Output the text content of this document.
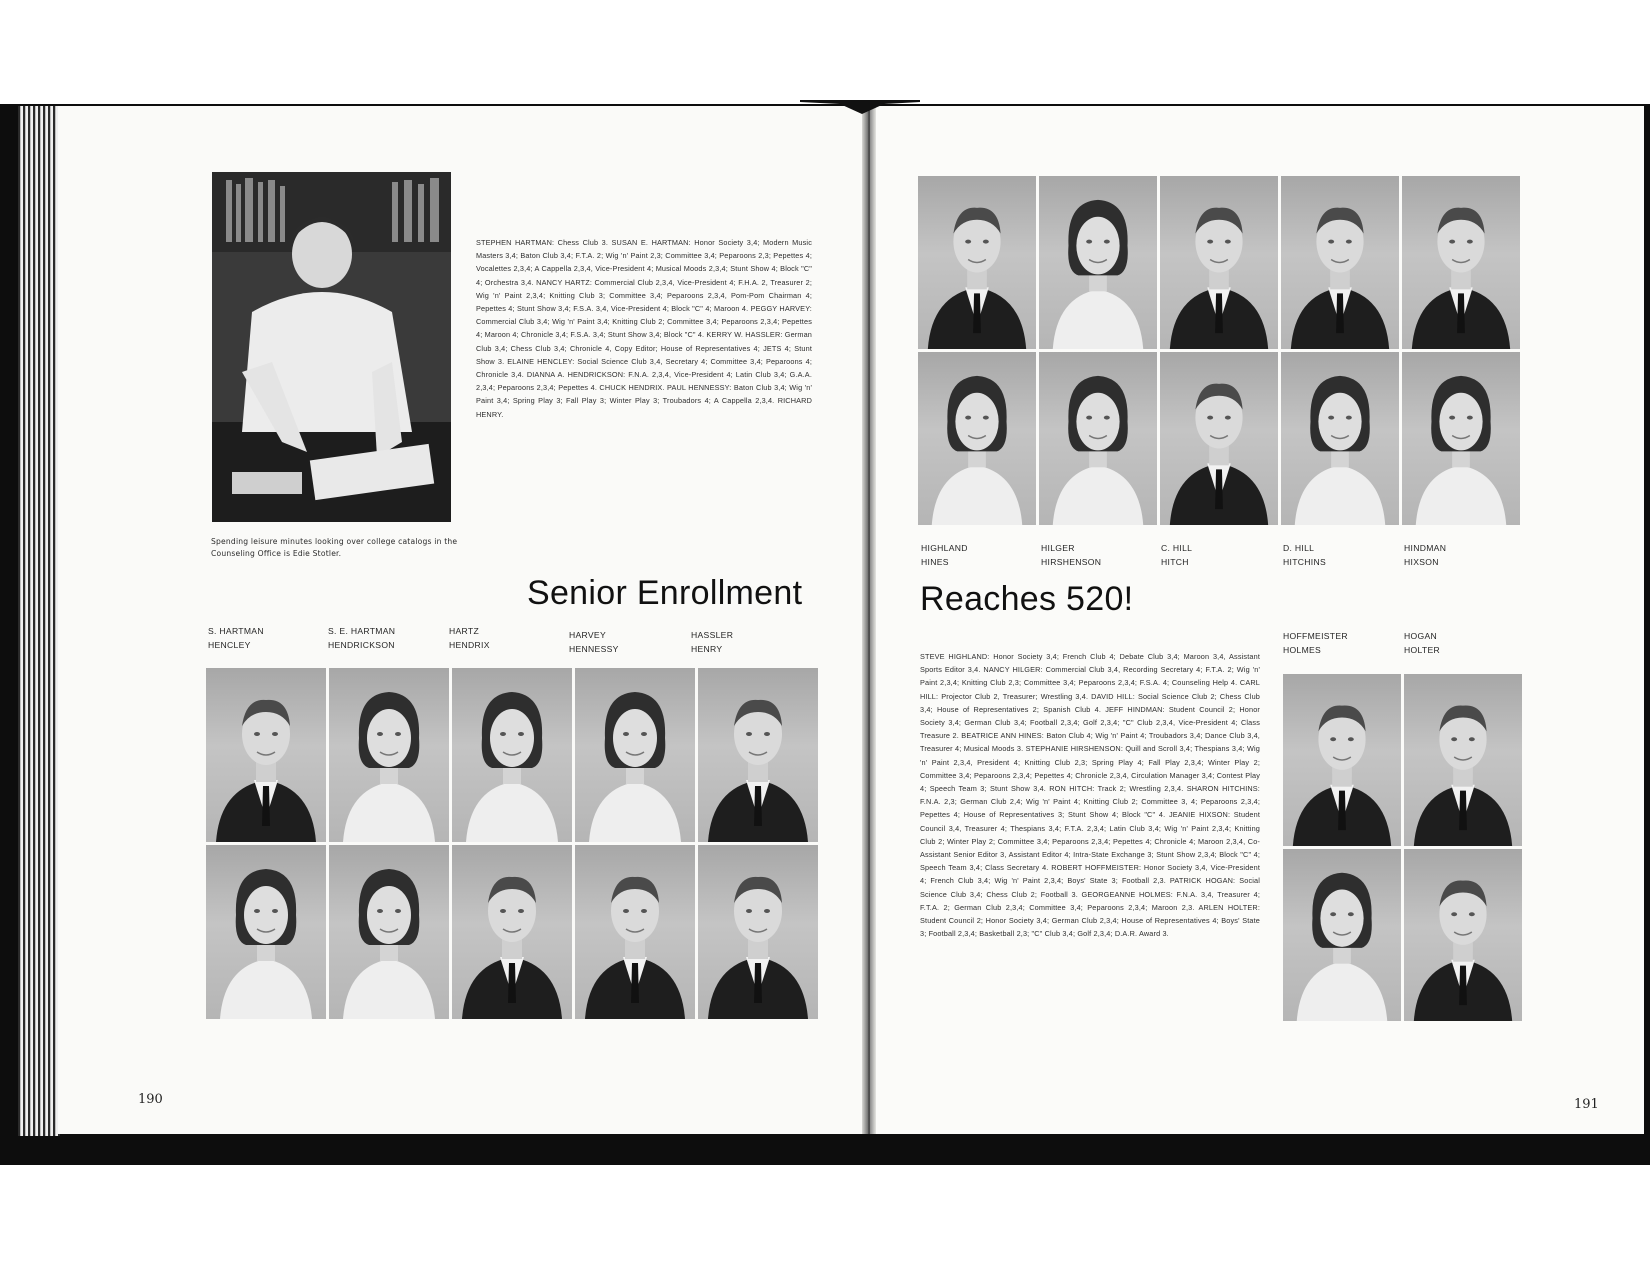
Spending leisure minutes looking over college catalogs in the Counseling Office is Edie Stotler.
STEPHEN HARTMAN: Chess Club 3. SUSAN E. HARTMAN: Honor Society 3,4; Modern Music Masters 3,4; Baton Club 3,4; F.T.A. 2; Wig 'n' Paint 2,3; Committee 3,4; Peparoons 2,3; Pepettes 4; Vocalettes 2,3,4; A Cappella 2,3,4, Vice-President 4; Musical Moods 2,3,4; Stunt Show 4; Block "C" 4; Orchestra 3,4. NANCY HARTZ: Commercial Club 2,3,4, Vice-President 4; F.H.A. 2, Treasurer 2; Wig 'n' Paint 2,3,4; Knitting Club 3; Committee 3,4; Peparoons 2,3,4, Pom-Pom Chairman 4; Pepettes 4; Stunt Show 3,4; F.S.A. 3,4, Vice-President 4; Block "C" 4; Maroon 4. PEGGY HARVEY: Commercial Club 3,4; Wig 'n' Paint 3,4; Knitting Club 2; Committee 3,4; Peparoons 2,3,4; Pepettes 4; Maroon 4; Chronicle 3,4; F.S.A. 3,4; Stunt Show 3,4; Block "C" 4. KERRY W. HASSLER: German Club 3,4; Chess Club 3,4; Chronicle 4, Copy Editor; House of Representatives 4; JETS 4; Stunt Show 3. ELAINE HENCLEY: Social Science Club 3,4, Secretary 4; Committee 3,4; Peparoons 4; Chronicle 3,4. DIANNA A. HENDRICKSON: F.N.A. 2,3,4, Vice-President 4; Latin Club 3,4; G.A.A. 2,3,4; Peparoons 2,3,4; Pepettes 4. CHUCK HENDRIX. PAUL HENNESSY: Baton Club 3,4; Wig 'n' Paint 3,4; Spring Play 3; Fall Play 3; Winter Play 3; Troubadors 4; A Cappella 2,3,4. RICHARD HENRY.
STEVE HIGHLAND: Honor Society 3,4; French Club 4; Debate Club 3,4; Maroon 3,4, Assistant Sports Editor 3,4. NANCY HILGER: Commercial Club 3,4, Recording Secretary 4; F.T.A. 2; Wig 'n' Paint 2,3,4; Knitting Club 2,3; Committee 3,4; Peparoons 2,3,4; F.S.A. 4; Counseling Help 4. CARL HILL: Projector Club 2, Treasurer; Wrestling 3,4. DAVID HILL: Social Science Club 2; Chess Club 3,4; House of Representatives 2; Spanish Club 4. JEFF HINDMAN: Student Council 2; Honor Society 3,4; German Club 3,4; Football 2,3,4; Golf 2,3,4; "C" Club 2,3,4, Vice-President 4; Class Treasure 2. BEATRICE ANN HINES: Baton Club 4; Wig 'n' Paint 4; Troubadors 3,4; Dance Club 3,4, Treasurer 4; Musical Moods 3. STEPHANIE HIRSHENSON: Quill and Scroll 3,4; Thespians 3,4; Wig 'n' Paint 2,3,4, President 4; Knitting Club 2,3; Spring Play 4; Fall Play 2,3,4; Winter Play 2; Committee 3,4; Peparoons 2,3,4; Pepettes 4; Chronicle 2,3,4, Circulation Manager 3,4; Contest Play 4; Speech Team 3; Stunt Show 3,4. RON HITCH: Track 2; Wrestling 2,3,4. SHARON HITCHINS: F.N.A. 2,3; German Club 2,4; Wig 'n' Paint 4; Knitting Club 2; Committee 3, 4; Peparoons 2,3,4; Pepettes 4; House of Representatives 3; Stunt Show 4; Block "C" 4. JEANIE HIXSON: Student Council 3,4, Treasurer 4; Thespians 3,4; F.T.A. 2,3,4; Latin Club 3,4; Wig 'n' Paint 2,3,4; Knitting Club 2; Winter Play 2; Committee 3,4; Peparoons 2,3,4; Pepettes 4; Chronicle 4; Maroon 2,3,4, Co-Assistant Senior Editor 3, Assistant Editor 4; Intra-State Exchange 3; Stunt Show 2,3,4; Block "C" 4; Speech Team 3,4; Class Secretary 4. ROBERT HOFFMEISTER: Honor Society 3,4, Vice-President 4; French Club 3,4; Wig 'n' Paint 2,3,4; Boys' State 3; Football 2,3. PATRICK HOGAN: Social Science Club 3,4; Chess Club 2; Football 3. GEORGEANNE HOLMES: F.N.A. 3,4, Treasurer 4; F.T.A. 2; German Club 2,3,4; Committee 3,4; Peparoons 2,3,4; Maroon 2,3. ARLEN HOLTER: Student Council 2; Honor Society 3,4; German Club 2,3,4; House of Representatives 4; Boys' State 3; Football 2,3,4; Basketball 2,3; "C" Club 3,4; Golf 2,3,4; D.A.R. Award 3.
Senior Enrollment	Reaches 520!
S. HARTMAN
HENCLEY
S. E. HARTMAN
HENDRICKSON
HARTZ
HENDRIX
HARVEY
HENNESSY
HASSLER
HENRY
HIGHLAND
HINES
HILGER
HIRSHENSON
C. HILL
HITCH
D. HILL
HITCHINS
HINDMAN
HIXSON
HOFFMEISTER
HOLMES
HOGAN
HOLTER
190	191
